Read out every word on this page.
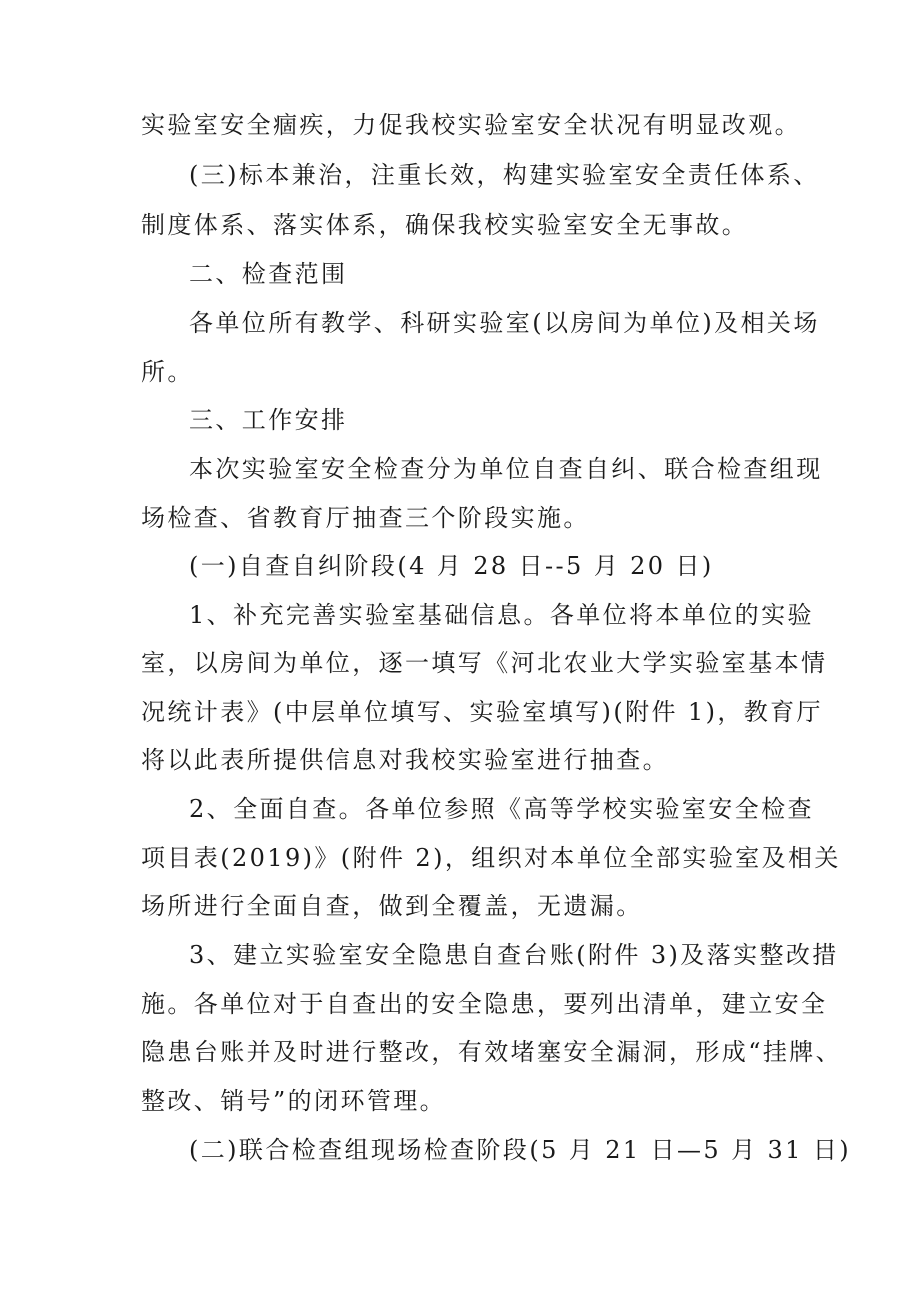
实验室安全痼疾，力促我校实验室安全状况有明显改观。

(三)标本兼治，注重长效，构建实验室安全责任体系、

制度体系、落实体系，确保我校实验室安全无事故。

二、检查范围

各单位所有教学、科研实验室(以房间为单位)及相关场

所。

三、工作安排

本次实验室安全检查分为单位自查自纠、联合检查组现

场检查、省教育厅抽查三个阶段实施。

(一)自查自纠阶段(4 月 28 日--5 月 20 日)

1、补充完善实验室基础信息。各单位将本单位的实验

室，以房间为单位，逐一填写《河北农业大学实验室基本情

况统计表》(中层单位填写、实验室填写)(附件 1)，教育厅

将以此表所提供信息对我校实验室进行抽查。

2、全面自查。各单位参照《高等学校实验室安全检查

项目表(2019)》(附件 2)，组织对本单位全部实验室及相关

场所进行全面自查，做到全覆盖，无遗漏。

3、建立实验室安全隐患自查台账(附件 3)及落实整改措

施。各单位对于自查出的安全隐患，要列出清单，建立安全

隐患台账并及时进行整改，有效堵塞安全漏洞，形成“挂牌、

整改、销号”的闭环管理。

(二)联合检查组现场检查阶段(5 月 21 日—5 月 31 日)
